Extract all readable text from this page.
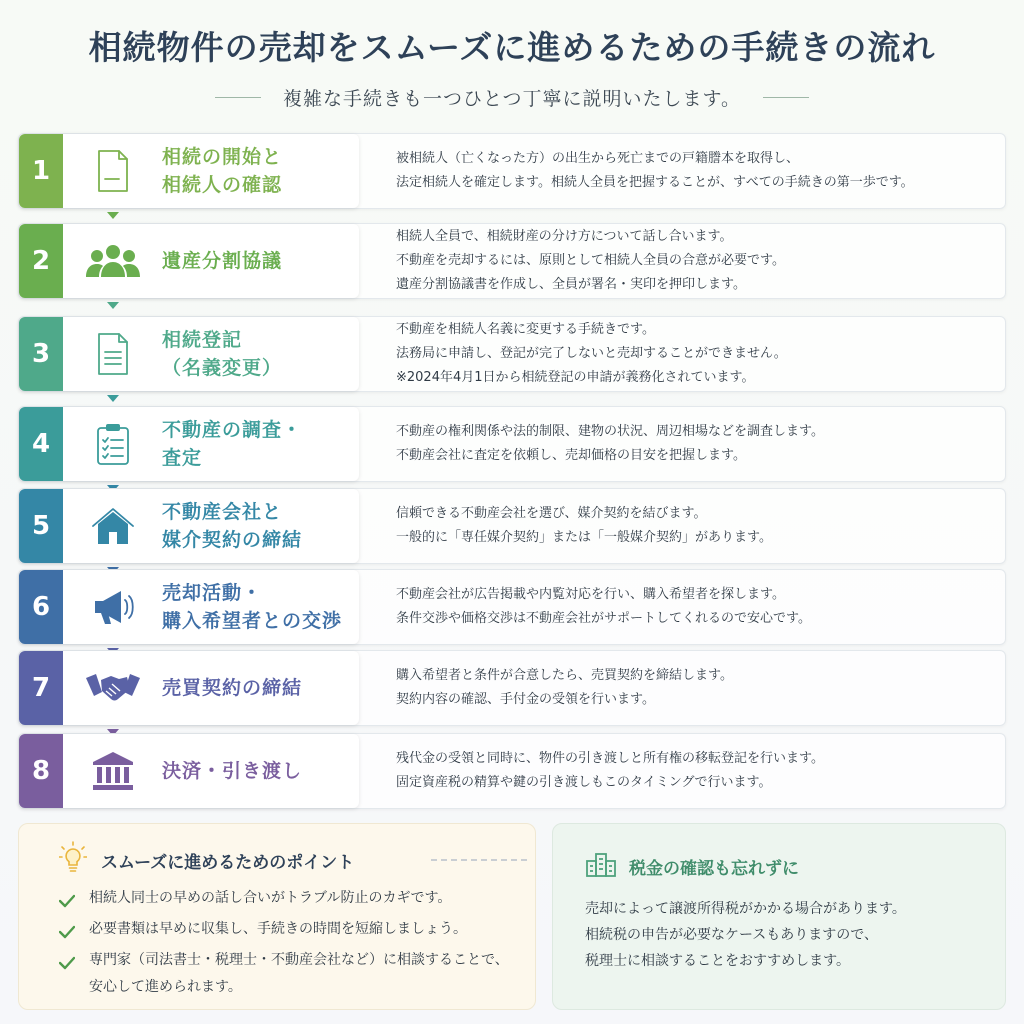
相続物件の売却をスムーズに進めるための手続きの流れ
複雑な手続きも一つひとつ丁寧に説明いたします。
1	相続の開始と
相続人の確認
被相続人（亡くなった方）の出生から死亡までの戸籍謄本を取得し、
法定相続人を確定します。相続人全員を把握することが、すべての手続きの第一歩です。
2	遺産分割協議
相続人全員で、相続財産の分け方について話し合います。
不動産を売却するには、原則として相続人全員の合意が必要です。
遺産分割協議書を作成し、全員が署名・実印を押印します。
3	相続登記
（名義変更）
不動産を相続人名義に変更する手続きです。
法務局に申請し、登記が完了しないと売却することができません。
※2024年4月1日から相続登記の申請が義務化されています。
4	不動産の調査・
査定
不動産の権利関係や法的制限、建物の状況、周辺相場などを調査します。
不動産会社に査定を依頼し、売却価格の目安を把握します。
5	不動産会社と
媒介契約の締結
信頼できる不動産会社を選び、媒介契約を結びます。
一般的に「専任媒介契約」または「一般媒介契約」があります。
6	売却活動・
購入希望者との交渉
不動産会社が広告掲載や内覧対応を行い、購入希望者を探します。
条件交渉や価格交渉は不動産会社がサポートしてくれるので安心です。
7	売買契約の締結
購入希望者と条件が合意したら、売買契約を締結します。
契約内容の確認、手付金の受領を行います。
8	決済・引き渡し
残代金の受領と同時に、物件の引き渡しと所有権の移転登記を行います。
固定資産税の精算や鍵の引き渡しもこのタイミングで行います。
スムーズに進めるためのポイント
相続人同士の早めの話し合いがトラブル防止のカギです。
必要書類は早めに収集し、手続きの時間を短縮しましょう。
専門家（司法書士・税理士・不動産会社など）に相談することで、
安心して進められます。
税金の確認も忘れずに
売却によって譲渡所得税がかかる場合があります。
相続税の申告が必要なケースもありますので、
税理士に相談することをおすすめします。
